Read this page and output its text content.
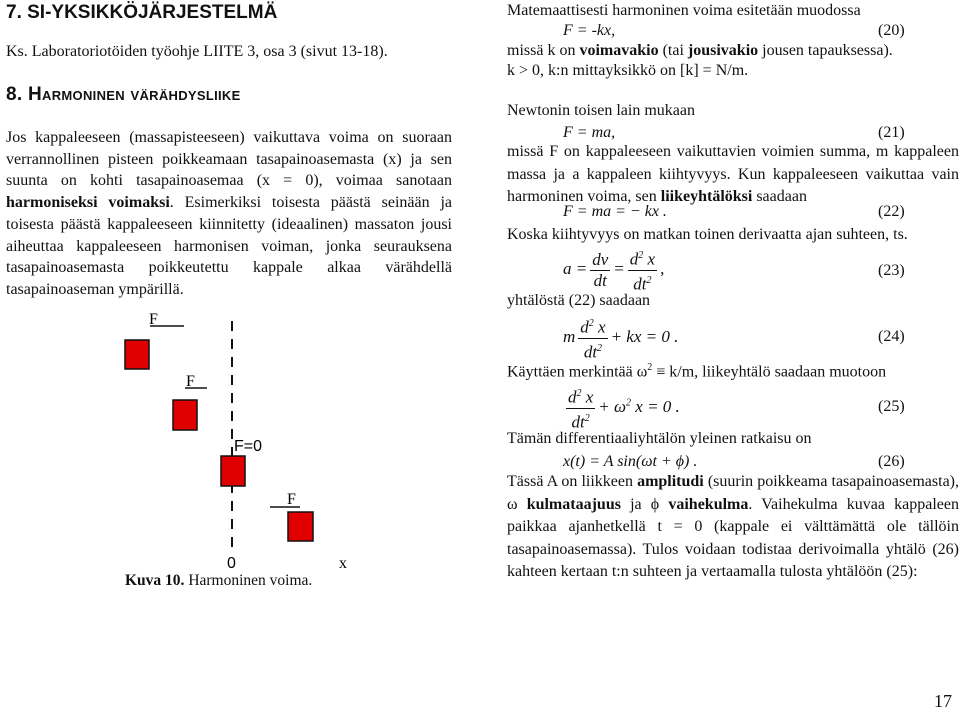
7. SI-YKSIKKÖJÄRJESTELMÄ

Ks. Laboratoriotöiden työohje LIITE 3, osa 3 (sivut 13-18).

8. Harmoninen värähdysliike

Jos kappaleeseen (massapisteeseen) vaikuttava voima on suoraan verrannollinen pisteen poikkeamaan tasapainoasemasta (x) ja sen suunta on kohti tasapainoasemaa (x = 0), voimaa sanotaan harmoniseksi voimaksi. Esimerkiksi toisesta päästä seinään ja toisesta päästä kappaleeseen kiinnitetty (ideaalinen) massaton jousi aiheuttaa kappaleeseen harmonisen voiman, jonka seurauksena tasapainoasemasta poikkeutettu kappale alkaa värähdellä tasapainoaseman ympärillä.

F
F
F=0
F
0	x
Kuva 10. Harmoninen voima.

Matemaattisesti harmoninen voima esitetään muodossa

F = -kx,	(20)

missä k on voimavakio (tai jousivakio jousen tapauksessa).

k > 0, k:n mittayksikkö on [k] = N/m.

Newtonin toisen lain mukaan

F = ma,	(21)

missä F on kappaleeseen vaikuttavien voimien summa, m kappaleen massa ja a kappaleen kiihtyvyys. Kun kappaleeseen vaikuttaa vain harmoninen voima, sen liikeyhtälöksi saadaan

F = ma = − kx .	(22)

Koska kiihtyvyys on matkan toinen derivaatta ajan suhteen, ts.

$a = \frac{dv}{dt} = \frac{d^2 x}{dt^2}$ ,	(23)

yhtälöstä (22) saadaan

m $\frac{d^2 x}{dt^2}$ + kx = 0 .	(24)

Käyttäen merkintää $\omega^2 \equiv k/m$, liikeyhtälö saadaan muotoon

$\frac{d^2 x}{dt^2} + \omega^2$ x = 0 .	(25)

Tämän differentiaaliyhtälön yleinen ratkaisu on

x(t) = A sin(ωt + ϕ) .	(26)

Tässä A on liikkeen amplitudi (suurin poikkeama tasapainoasemasta), ω kulmataajuus ja ϕ vaihekulma. Vaihekulma kuvaa kappaleen paikkaa ajanhetkellä t = 0 (kappale ei välttämättä ole tällöin tasapainoasemassa). Tulos voidaan todistaa derivoimalla yhtälö (26) kahteen kertaan t:n suhteen ja vertaamalla tulosta yhtälöön (25):

17
